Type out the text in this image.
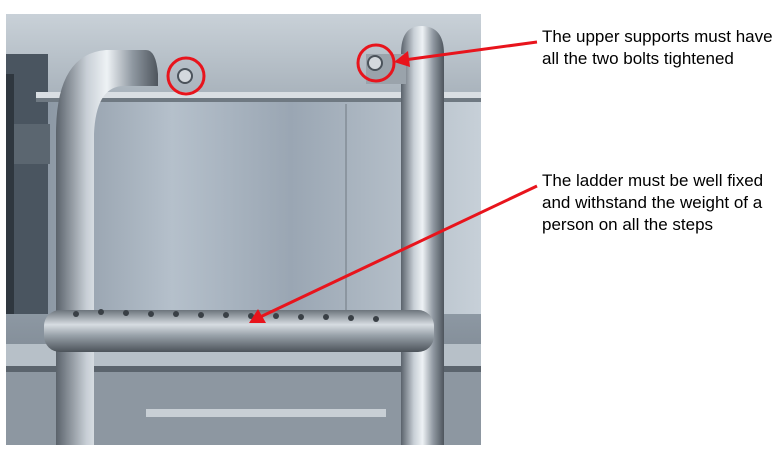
The upper supports must have all the two bolts tightened

The ladder must be well fixed and withstand the weight of a person on all the steps
